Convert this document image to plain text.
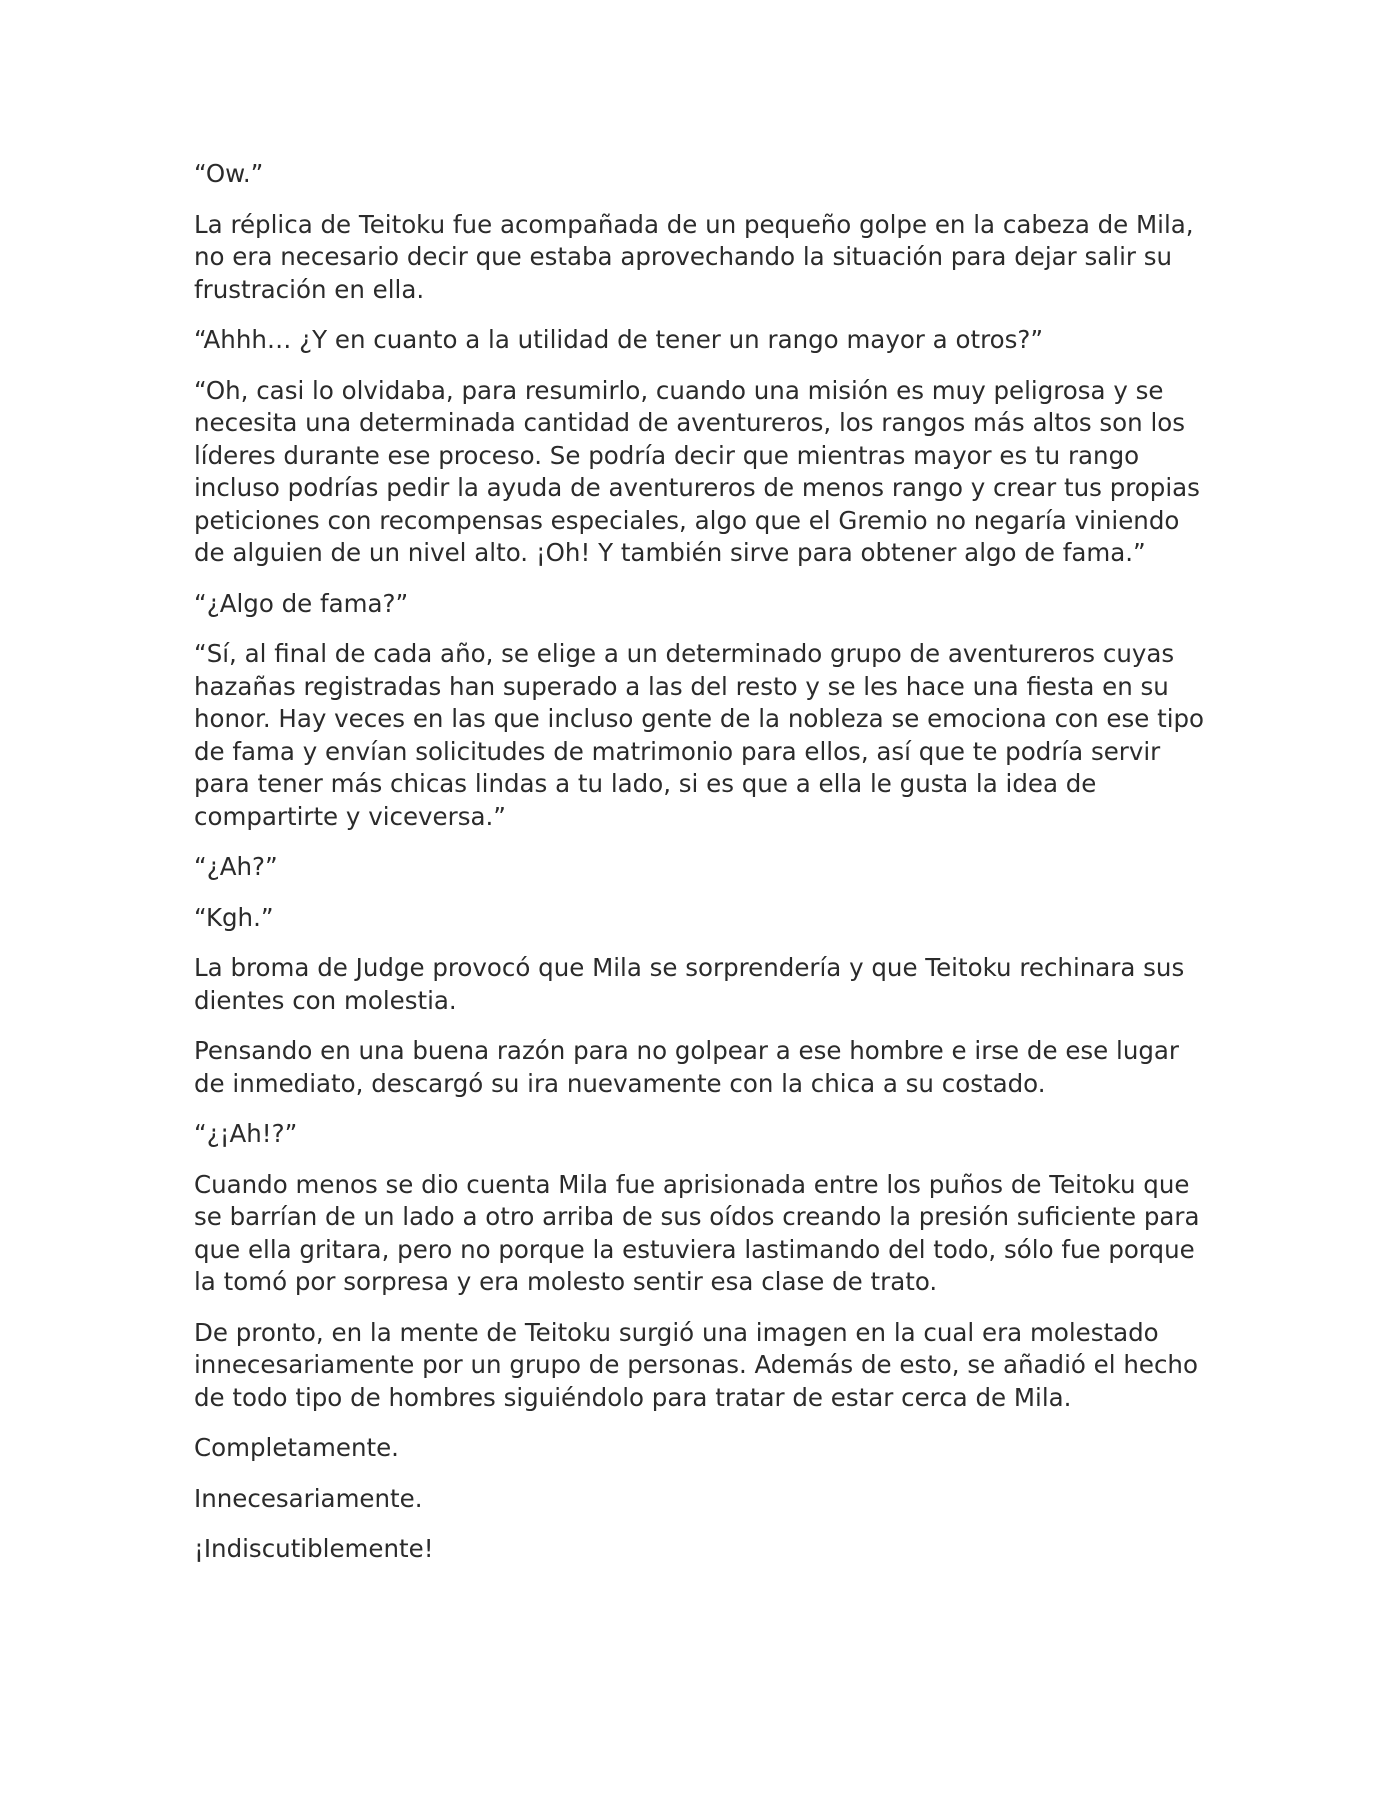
“Ow.”

La réplica de Teitoku fue acompañada de un pequeño golpe en la cabeza de Mila, no era necesario decir que estaba aprovechando la situación para dejar salir su frustración en ella.

“Ahhh… ¿Y en cuanto a la utilidad de tener un rango mayor a otros?”

“Oh, casi lo olvidaba, para resumirlo, cuando una misión es muy peligrosa y se necesita una determinada cantidad de aventureros, los rangos más altos son los líderes durante ese proceso. Se podría decir que mientras mayor es tu rango incluso podrías pedir la ayuda de aventureros de menos rango y crear tus propias peticiones con recompensas especiales, algo que el Gremio no negaría viniendo de alguien de un nivel alto. ¡Oh! Y también sirve para obtener algo de fama.”

“¿Algo de fama?”

“Sí, al final de cada año, se elige a un determinado grupo de aventureros cuyas hazañas registradas han superado a las del resto y se les hace una fiesta en su honor. Hay veces en las que incluso gente de la nobleza se emociona con ese tipo de fama y envían solicitudes de matrimonio para ellos, así que te podría servir para tener más chicas lindas a tu lado, si es que a ella le gusta la idea de compartirte y viceversa.”

“¿Ah?”

“Kgh.”

La broma de Judge provocó que Mila se sorprendería y que Teitoku rechinara sus dientes con molestia.

Pensando en una buena razón para no golpear a ese hombre e irse de ese lugar de inmediato, descargó su ira nuevamente con la chica a su costado.

“¿¡Ah!?”

Cuando menos se dio cuenta Mila fue aprisionada entre los puños de Teitoku que se barrían de un lado a otro arriba de sus oídos creando la presión suficiente para que ella gritara, pero no porque la estuviera lastimando del todo, sólo fue porque la tomó por sorpresa y era molesto sentir esa clase de trato.

De pronto, en la mente de Teitoku surgió una imagen en la cual era molestado innecesariamente por un grupo de personas. Además de esto, se añadió el hecho de todo tipo de hombres siguiéndolo para tratar de estar cerca de Mila.

Completamente.

Innecesariamente.

¡Indiscutiblemente!
